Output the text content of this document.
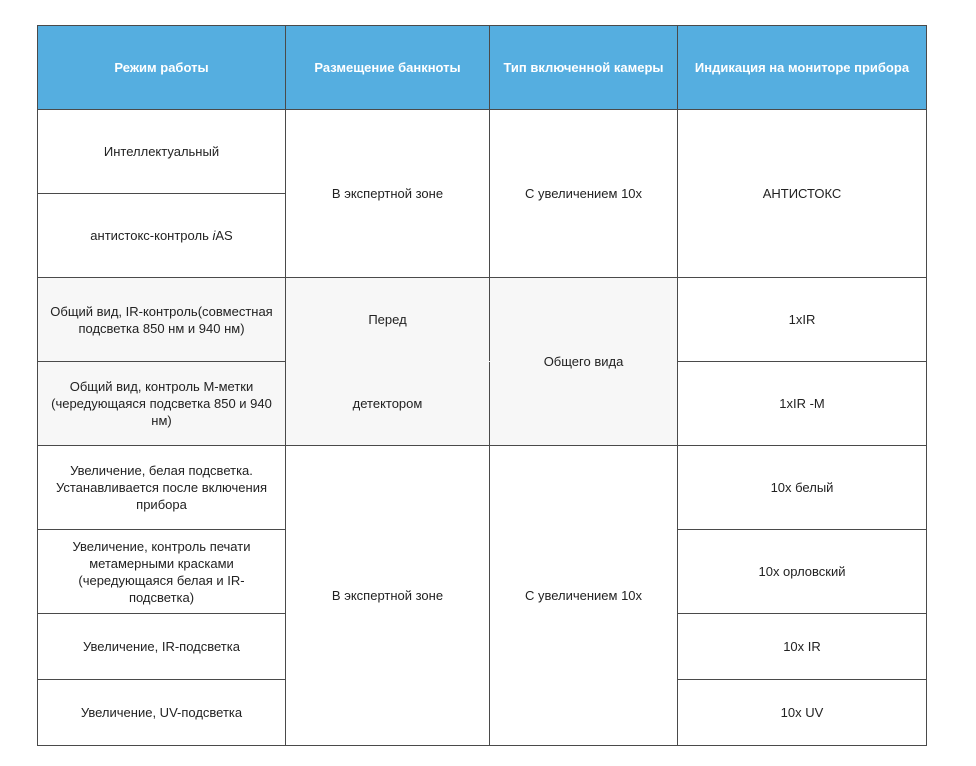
Режим работы	Размещение банкноты	Тип включенной камеры	Индикация на мониторе прибора
Интеллектуальный	В экспертной зоне	С увеличением 10x	АНТИСТОКС
антистокс-контроль iAS			
Общий вид, IR-контроль(совместная подсветка 850 нм и 940 нм)	Перед	Общего вида	1xIR
Общий вид, контроль М-метки (чередующаяся подсветка 850 и 940 нм)	детектором		1xIR -M
Увеличение, белая подсветка. Устанавливается после включения прибора	В экспертной зоне	С увеличением 10x	10x белый
Увеличение, контроль печати метамерными красками (чередующаяся белая и IR-подсветка)			10x орловский
Увеличение, IR-подсветка			10x IR
Увеличение, UV-подсветка			10x UV
